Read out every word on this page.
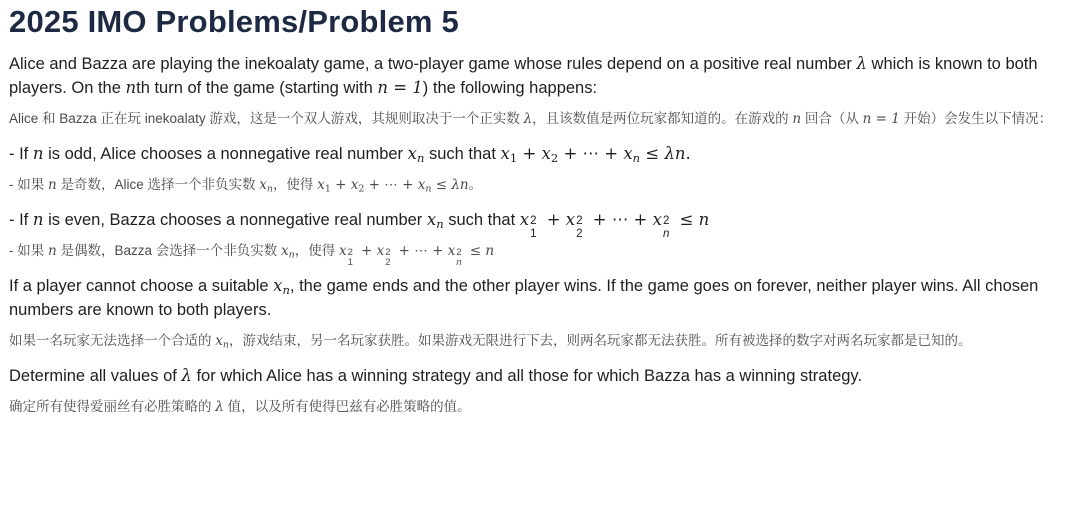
2025 IMO Problems/Problem 5

Alice and Bazza are playing the inekoalaty game, a two-player game whose rules depend on a positive real number λ which is known to both players. On the nth turn of the game (starting with n = 1) the following happens:

Alice 和 Bazza 正在玩 inekoalaty 游戏，这是一个双人游戏，其规则取决于一个正实数 λ，且该数值是两位玩家都知道的。在游戏的 n 回合（从 n = 1 开始）会发生以下情况：

- If n is odd, Alice chooses a nonnegative real number $x_n$ such that $x_1 + x_2$ + ⋯ + $x_n \le \lambda n$.

- 如果 n 是奇数，Alice 选择一个非负实数 $x_n$，使得 $x_1 + x_2$ + ⋯ + $x_n \le \lambda n$。

- If n is even, Bazza chooses a nonnegative real number $x_n$ such that x 2
1
+ x 2
2
+ ⋯ + x 2
n
≤ n

- 如果 n 是偶数，Bazza 会选择一个非负实数 $x_n$，使得 x 2
1
+ x 2
2
+ ⋯ + x 2
n
≤ n

If a player cannot choose a suitable $x_n$, the game ends and the other player wins. If the game goes on forever, neither player wins. All chosen numbers are known to both players.

如果一名玩家无法选择一个合适的 $x_n$，游戏结束，另一名玩家获胜。如果游戏无限进行下去，则两名玩家都无法获胜。所有被选择的数字对两名玩家都是已知的。

Determine all values of λ for which Alice has a winning strategy and all those for which Bazza has a winning strategy.

确定所有使得爱丽丝有必胜策略的 λ 值，以及所有使得巴兹有必胜策略的值。
